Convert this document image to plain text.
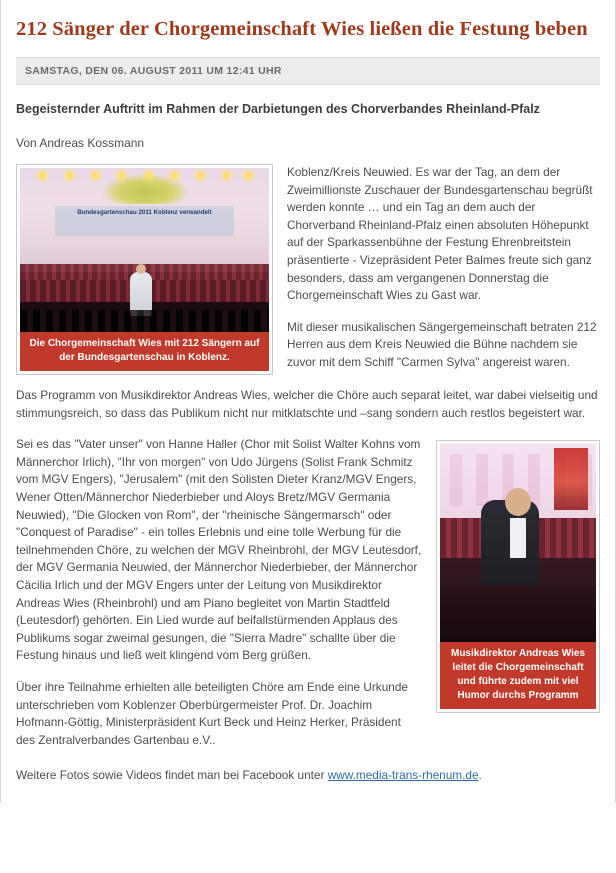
212 Sänger der Chorgemeinschaft Wies ließen die Festung beben
SAMSTAG, DEN 06. AUGUST 2011 UM 12:41 UHR
Begeisternder Auftritt im Rahmen der Darbietungen des Chorverbandes Rheinland-Pfalz
Von Andreas Kossmann
Bundesgartenschau 2011 Koblenz verwandelt
Die Chorgemeinschaft Wies mit 212 Sängern auf der Bundesgartenschau in Koblenz.

Koblenz/Kreis Neuwied. Es war der Tag, an dem der Zweimillionste Zuschauer der Bundesgartenschau begrüßt werden konnte … und ein Tag an dem auch der Chorverband Rheinland-Pfalz einen absoluten Höhepunkt auf der Sparkassenbühne der Festung Ehrenbreitstein präsentierte - Vizepräsident Peter Balmes freute sich ganz besonders, dass am vergangenen Donnerstag die Chorgemeinschaft Wies zu Gast war.

Mit dieser musikalischen Sängergemeinschaft betraten 212 Herren aus dem Kreis Neuwied die Bühne nachdem sie zuvor mit dem Schiff "Carmen Sylva" angereist waren.

Das Programm von Musikdirektor Andreas Wies, welcher die Chöre auch separat leitet, war dabei vielseitig und stimmungsreich, so dass das Publikum nicht nur mitklatschte und –sang sondern auch restlos begeistert war.

Musikdirektor Andreas Wies leitet die Chorgemeinschaft und führte zudem mit viel Humor durchs Programm

Sei es das "Vater unser" von Hanne Haller (Chor mit Solist Walter Kohns vom Männerchor Irlich), "Ihr von morgen" von Udo Jürgens (Solist Frank Schmitz vom MGV Engers), "Jerusalem" (mit den Solisten Dieter Kranz/MGV Engers, Wener Otten/Männerchor Niederbieber und Aloys Bretz/MGV Germania Neuwied), "Die Glocken von Rom", der "rheinische Sängermarsch" oder "Conquest of Paradise" - ein tolles Erlebnis und eine tolle Werbung für die teilnehmenden Chöre, zu welchen der MGV Rheinbrohl, der MGV Leutesdorf, der MGV Germania Neuwied, der Männerchor Niederbieber, der Männerchor Cäcilia Irlich und der MGV Engers unter der Leitung von Musikdirektor Andreas Wies (Rheinbrohl) und am Piano begleitet von Martin Stadtfeld (Leutesdorf) gehörten. Ein Lied wurde auf beifallstürmenden Applaus des Publikums sogar zweimal gesungen, die "Sierra Madre" schallte über die Festung hinaus und ließ weit klingend vom Berg grüßen.

Über ihre Teilnahme erhielten alle beteiligten Chöre am Ende eine Urkunde unterschrieben vom Koblenzer Oberbürgermeister Prof. Dr. Joachim Hofmann-Göttig, Ministerpräsident Kurt Beck und Heinz Herker, Präsident des Zentralverbandes Gartenbau e.V..

Weitere Fotos sowie Videos findet man bei Facebook unter www.media-trans-rhenum.de.
